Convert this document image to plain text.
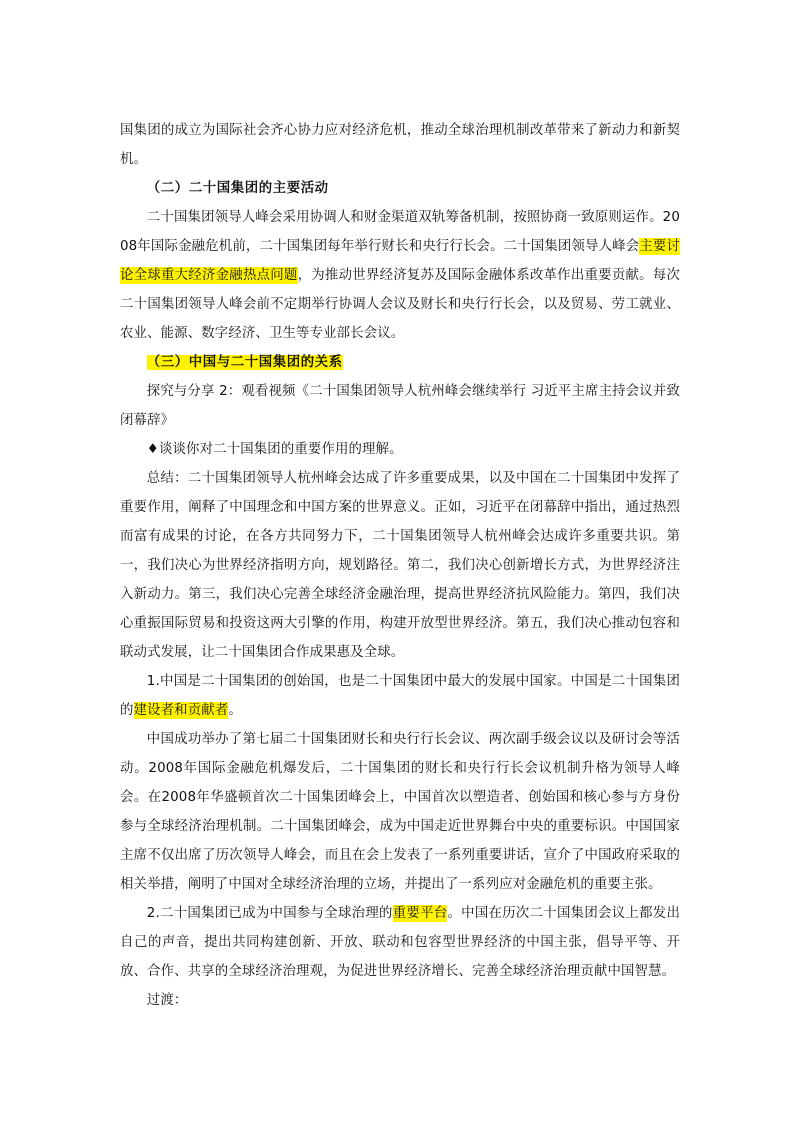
国集团的成立为国际社会齐心协力应对经济危机，推动全球治理机制改革带来了新动力和新契机。

（二）二十国集团的主要活动

二十国集团领导人峰会采用协调人和财金渠道双轨筹备机制，按照协商一致原则运作。2008年国际金融危机前，二十国集团每年举行财长和央行行长会。二十国集团领导人峰会主要讨论全球重大经济金融热点问题，为推动世界经济复苏及国际金融体系改革作出重要贡献。每次二十国集团领导人峰会前不定期举行协调人会议及财长和央行行长会，以及贸易、劳工就业、农业、能源、数字经济、卫生等专业部长会议。

（三）中国与二十国集团的关系

探究与分享 2：观看视频《二十国集团领导人杭州峰会继续举行 习近平主席主持会议并致闭幕辞》

♦谈谈你对二十国集团的重要作用的理解。

总结：二十国集团领导人杭州峰会达成了许多重要成果，以及中国在二十国集团中发挥了重要作用，阐释了中国理念和中国方案的世界意义。正如，习近平在闭幕辞中指出，通过热烈而富有成果的讨论，在各方共同努力下，二十国集团领导人杭州峰会达成许多重要共识。第一，我们决心为世界经济指明方向，规划路径。第二，我们决心创新增长方式，为世界经济注入新动力。第三，我们决心完善全球经济金融治理，提高世界经济抗风险能力。第四，我们决心重振国际贸易和投资这两大引擎的作用，构建开放型世界经济。第五，我们决心推动包容和联动式发展，让二十国集团合作成果惠及全球。

1.中国是二十国集团的创始国，也是二十国集团中最大的发展中国家。中国是二十国集团的建设者和贡献者。

中国成功举办了第七届二十国集团财长和央行行长会议、两次副手级会议以及研讨会等活动。2008年国际金融危机爆发后，二十国集团的财长和央行行长会议机制升格为领导人峰会。在2008年华盛顿首次二十国集团峰会上，中国首次以塑造者、创始国和核心参与方身份参与全球经济治理机制。二十国集团峰会，成为中国走近世界舞台中央的重要标识。中国国家主席不仅出席了历次领导人峰会，而且在会上发表了一系列重要讲话，宣介了中国政府采取的相关举措，阐明了中国对全球经济治理的立场，并提出了一系列应对金融危机的重要主张。

2.二十国集团已成为中国参与全球治理的重要平台。中国在历次二十国集团会议上都发出自己的声音，提出共同构建创新、开放、联动和包容型世界经济的中国主张，倡导平等、开放、合作、共享的全球经济治理观，为促进世界经济增长、完善全球经济治理贡献中国智慧。

过渡：
